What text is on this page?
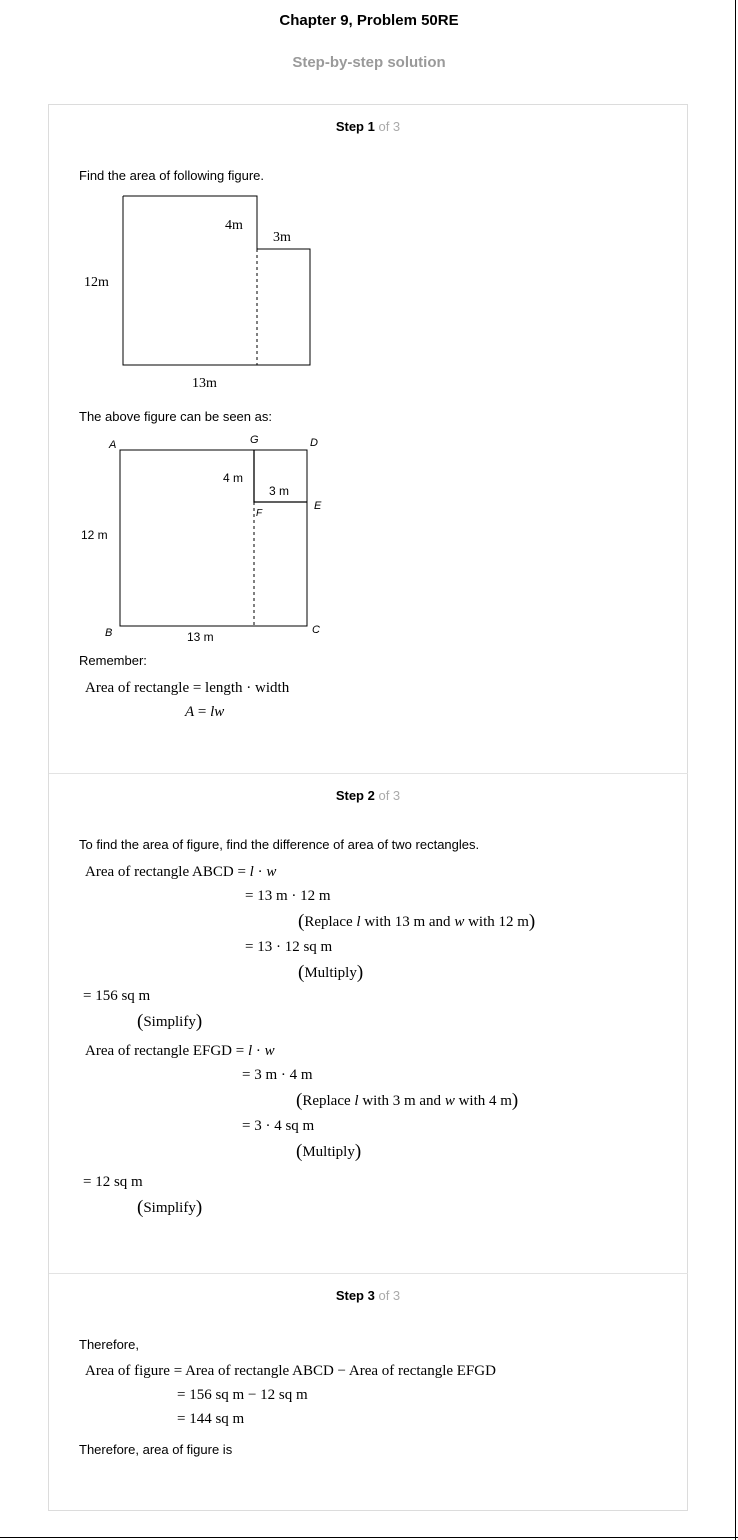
Chapter 9, Problem 50RE
Step-by-step solution
Step 1 of 3
Find the area of following figure.
4m
3m
12m
13m
The above figure can be seen as:
A	G	D
E
F
B	C
4 m
3 m
12 m
13 m
Remember:
Area of rectangle = length · width
A = lw
Step 2 of 3
To find the area of figure, find the difference of area of two rectangles.
Area of rectangle ABCD = l · w
= 13 m · 12 m
(Replace l with 13 m and w with 12 m)
= 13 · 12 sq m
(Multiply)
= 156 sq m
(Simplify)
Area of rectangle EFGD = l · w
= 3 m · 4 m
(Replace l with 3 m and w with 4 m)
= 3 · 4 sq m
(Multiply)
= 12 sq m
(Simplify)
Step 3 of 3
Therefore,
Area of figure = Area of rectangle ABCD − Area of rectangle EFGD
= 156 sq m − 12 sq m
= 144 sq m
Therefore, area of figure is
